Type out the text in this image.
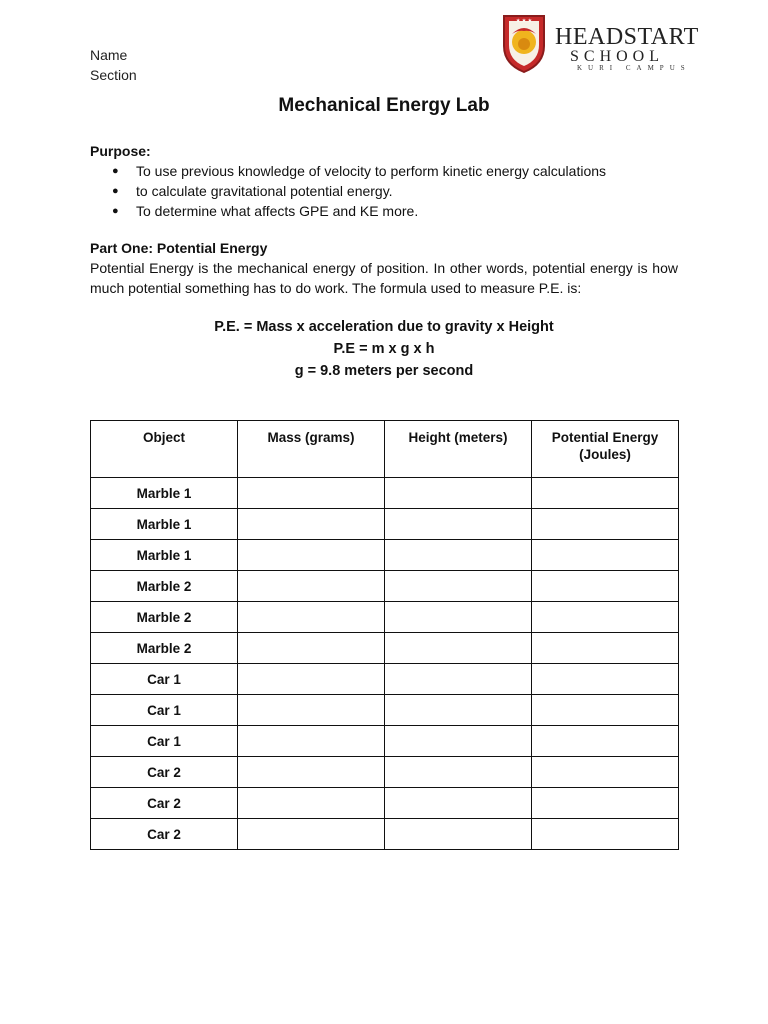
Name
Section
★ ★ ★
HEADSTART
SCHOOL
KURI CAMPUS
Mechanical Energy Lab
Purpose:
● To use previous knowledge of velocity to perform kinetic energy calculations
● to calculate gravitational potential energy.
● To determine what affects GPE and KE more.
Part One: Potential Energy

Potential Energy is the mechanical energy of position. In other words, potential energy is how much potential something has to do work. The formula used to measure P.E. is:

P.E. = Mass x acceleration due to gravity x Height
P.E = m x g x h
g = 9.8 meters per second
Object	Mass (grams)	Height (meters)	Potential Energy (Joules)
Marble 1			
Marble 1			
Marble 1			
Marble 2			
Marble 2			
Marble 2			
Car 1			
Car 1			
Car 1			
Car 2			
Car 2			
Car 2			
